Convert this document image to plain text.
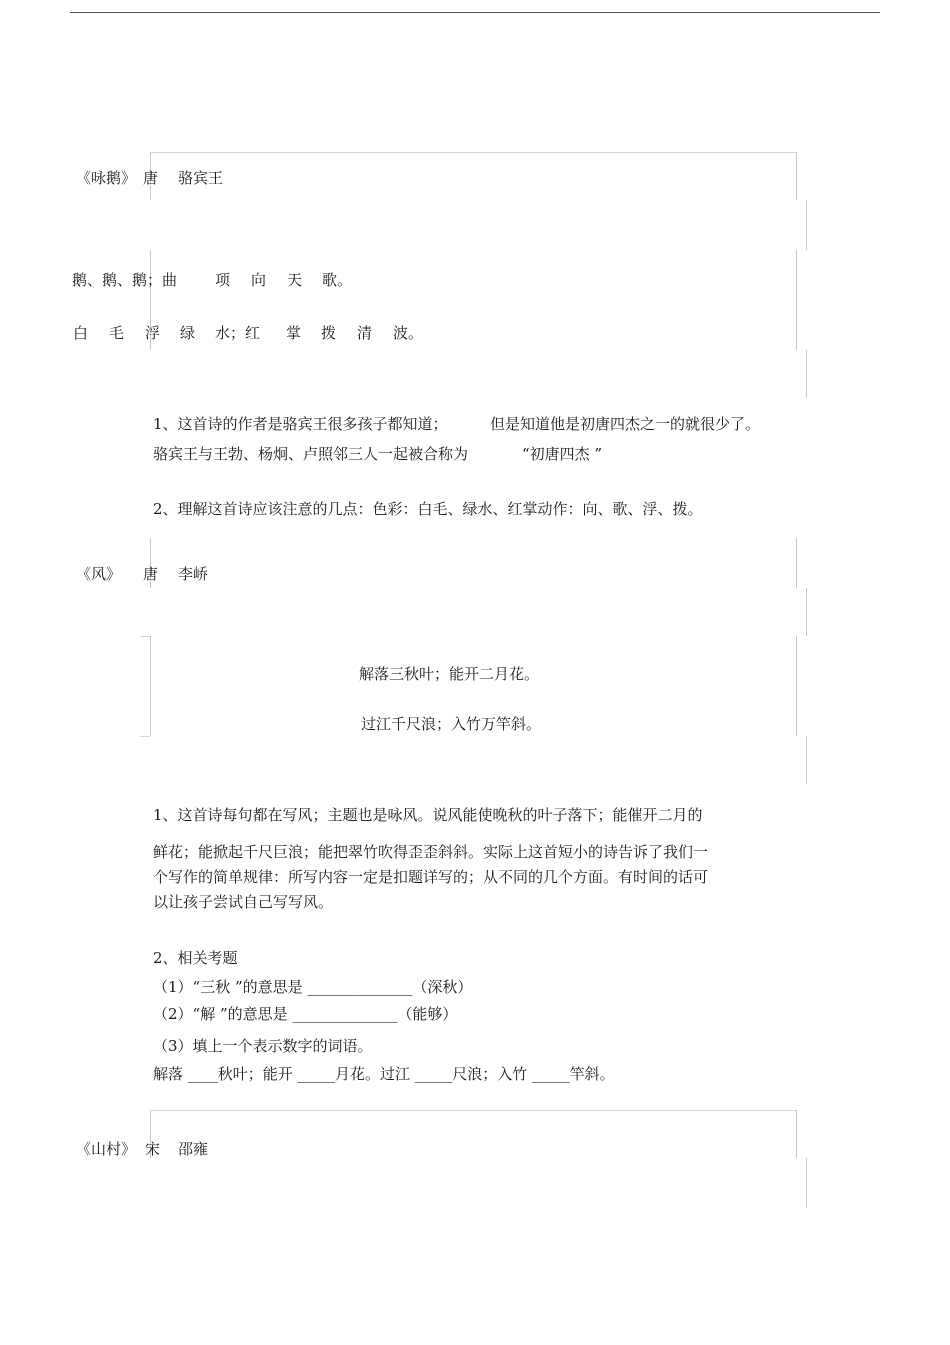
《咏鹅》 唐 骆宾王
鹅、鹅、鹅；曲	项 向 天 歌。
白 毛 浮 绿 水；红 掌 拨 清 波。
1、这首诗的作者是骆宾王很多孩子都知道；	但是知道他是初唐四杰之一的就很少了。
骆宾王与王勃、杨炯、卢照邻三人一起被合称为	“初唐四杰 ”
2、理解这首诗应该注意的几点：色彩：白毛、绿水、红掌动作：向、歌、浮、拨。
《风》 唐 李峤
解落三秋叶；能开二月花。
过江千尺浪；入竹万竿斜。
1、这首诗每句都在写风；主题也是咏风。说风能使晚秋的叶子落下；能催开二月的
鲜花；能掀起千尺巨浪；能把翠竹吹得歪歪斜斜。实际上这首短小的诗告诉了我们一
个写作的简单规律：所写内容一定是扣题详写的；从不同的几个方面。有时间的话可
以让孩子尝试自己写写风。
2、相关考题
（1）“三秋 ”的意思是 ______________（深秋）
（2）“解 ”的意思是 ______________（能够）
（3）填上一个表示数字的词语。
解落 ____秋叶；能开 _____月花。过江 _____尺浪；入竹 _____竿斜。
《山村》 宋 邵雍
